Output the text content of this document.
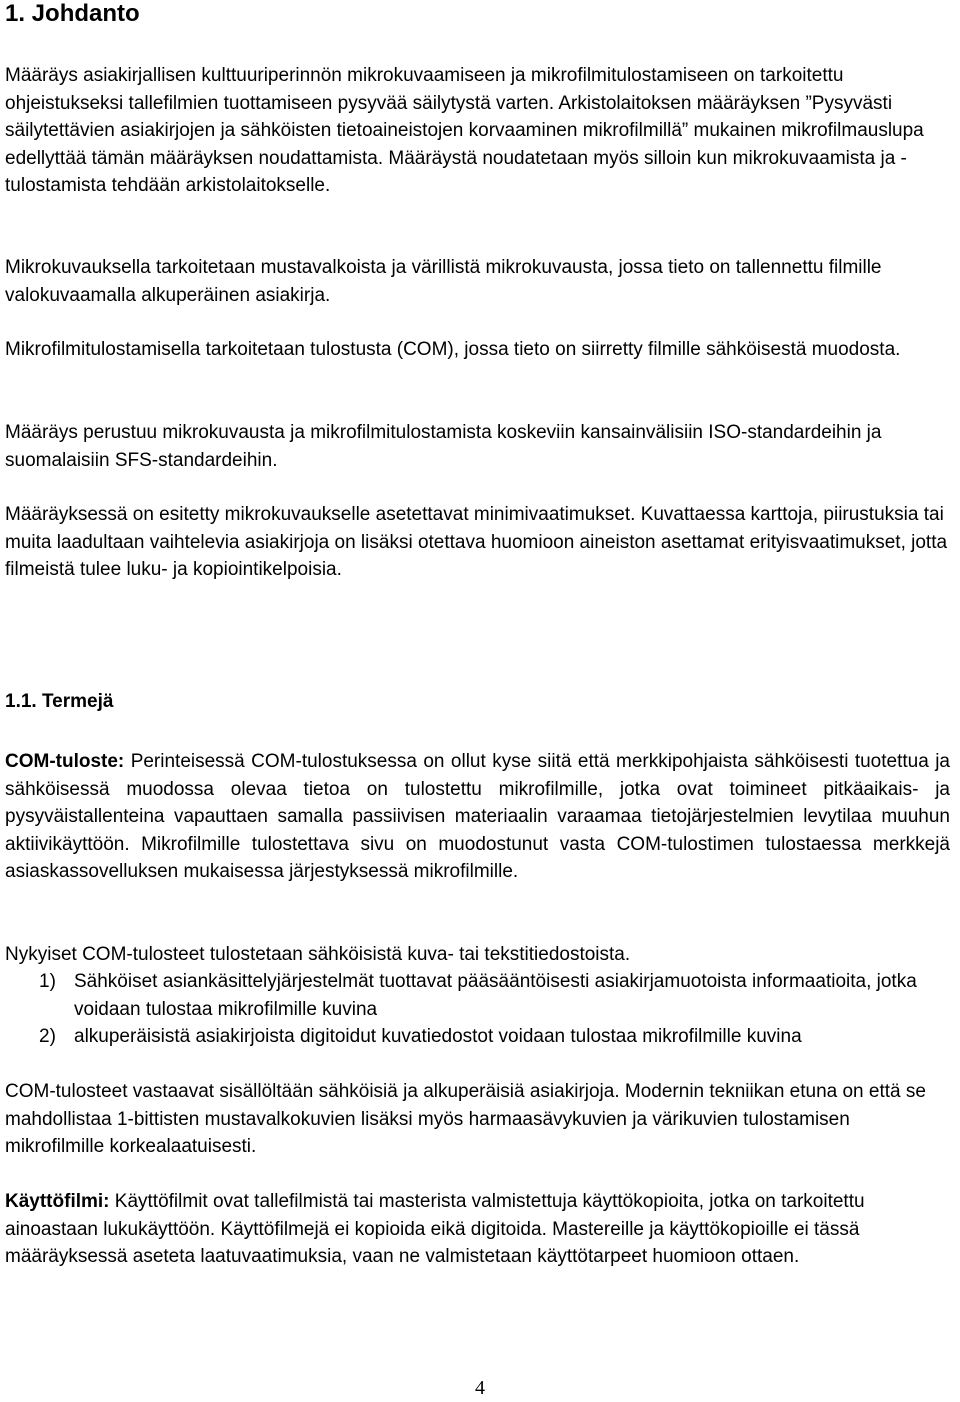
1. Johdanto

Määräys asiakirjallisen kulttuuriperinnön mikrokuvaamiseen ja mikrofilmitulostamiseen on tarkoitettu ohjeistukseksi tallefilmien tuottamiseen pysyvää säilytystä varten. Arkistolaitoksen määräyksen ”Pysyvästi säilytettävien asiakirjojen ja sähköisten tietoaineistojen korvaaminen mikrofilmillä” mukainen mikrofilmauslupa edellyttää tämän määräyksen noudattamista. Määräystä noudatetaan myös silloin kun mikrokuvaamista ja -tulostamista tehdään arkistolaitokselle.

Mikrokuvauksella tarkoitetaan mustavalkoista ja värillistä mikrokuvausta, jossa tieto on tallennettu filmille valokuvaamalla alkuperäinen asiakirja.

Mikrofilmitulostamisella tarkoitetaan tulostusta (COM), jossa tieto on siirretty filmille sähköisestä muodosta.

Määräys perustuu mikrokuvausta ja mikrofilmitulostamista koskeviin kansainvälisiin ISO-standardeihin ja suomalaisiin SFS-standardeihin.

Määräyksessä on esitetty mikrokuvaukselle asetettavat minimivaatimukset. Kuvattaessa karttoja, piirustuksia tai muita laadultaan vaihtelevia asiakirjoja on lisäksi otettava huomioon aineiston asettamat erityisvaatimukset, jotta filmeistä tulee luku- ja kopiointikelpoisia.

1.1. Termejä

COM-tuloste: Perinteisessä COM-tulostuksessa on ollut kyse siitä että merkkipohjaista sähköisesti tuotettua ja sähköisessä muodossa olevaa tietoa on tulostettu mikrofilmille, jotka ovat toimineet pitkäaikais- ja pysyväistallenteina vapauttaen samalla passiivisen materiaalin varaamaa tietojärjestelmien levytilaa muuhun aktiivikäyttöön. Mikrofilmille tulostettava sivu on muodostunut vasta COM-tulostimen tulostaessa merkkejä asiaskassovelluksen mukaisessa järjestyksessä mikrofilmille.

Nykyiset COM-tulosteet tulostetaan sähköisistä kuva- tai tekstitiedostoista.

1) Sähköiset asiankäsittelyjärjestelmät tuottavat pääsääntöisesti asiakirjamuotoista informaatioita, jotka voidaan tulostaa mikrofilmille kuvina
2) alkuperäisistä asiakirjoista digitoidut kuvatiedostot voidaan tulostaa mikrofilmille kuvina

COM-tulosteet vastaavat sisällöltään sähköisiä ja alkuperäisiä asiakirjoja. Modernin tekniikan etuna on että se mahdollistaa 1-bittisten mustavalkokuvien lisäksi myös harmaasävykuvien ja värikuvien tulostamisen mikrofilmille korkealaatuisesti.

Käyttöfilmi: Käyttöfilmit ovat tallefilmistä tai masterista valmistettuja käyttökopioita, jotka on tarkoitettu ainoastaan lukukäyttöön. Käyttöfilmejä ei kopioida eikä digitoida. Mastereille ja käyttökopioille ei tässä määräyksessä aseteta laatuvaatimuksia, vaan ne valmistetaan käyttötarpeet huomioon ottaen.

4
